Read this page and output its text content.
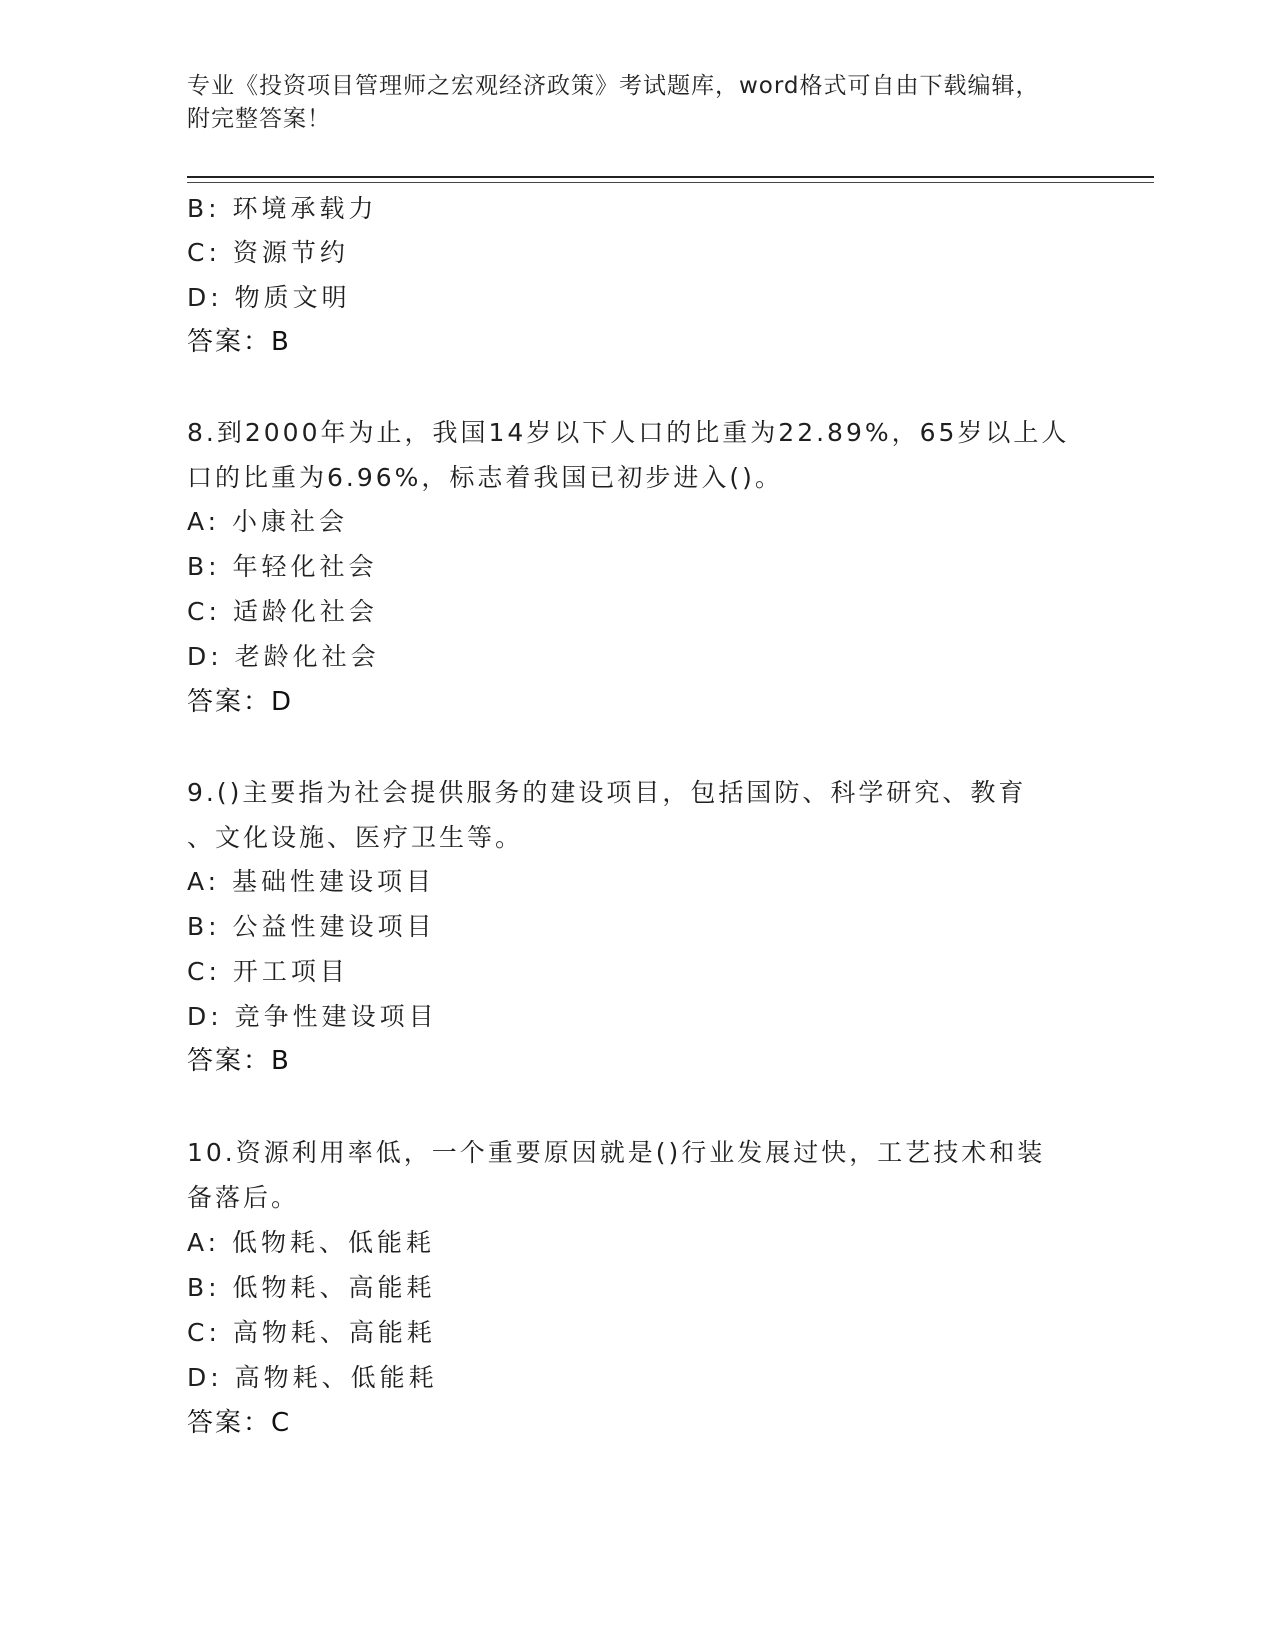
专业《投资项目管理师之宏观经济政策》考试题库，word格式可自由下载编辑，
附完整答案！
B: 环境承载力
C: 资源节约
D: 物质文明
答案：B
8.到2000年为止，我国14岁以下人口的比重为22.89%，65岁以上人
口的比重为6.96%，标志着我国已初步进入()。
A: 小康社会
B: 年轻化社会
C: 适龄化社会
D: 老龄化社会
答案：D
9.()主要指为社会提供服务的建设项目，包括国防、科学研究、教育
、文化设施、医疗卫生等。
A: 基础性建设项目
B: 公益性建设项目
C: 开工项目
D: 竞争性建设项目
答案：B
10.资源利用率低，一个重要原因就是()行业发展过快，工艺技术和装
备落后。
A: 低物耗、低能耗
B: 低物耗、高能耗
C: 高物耗、高能耗
D: 高物耗、低能耗
答案：C
